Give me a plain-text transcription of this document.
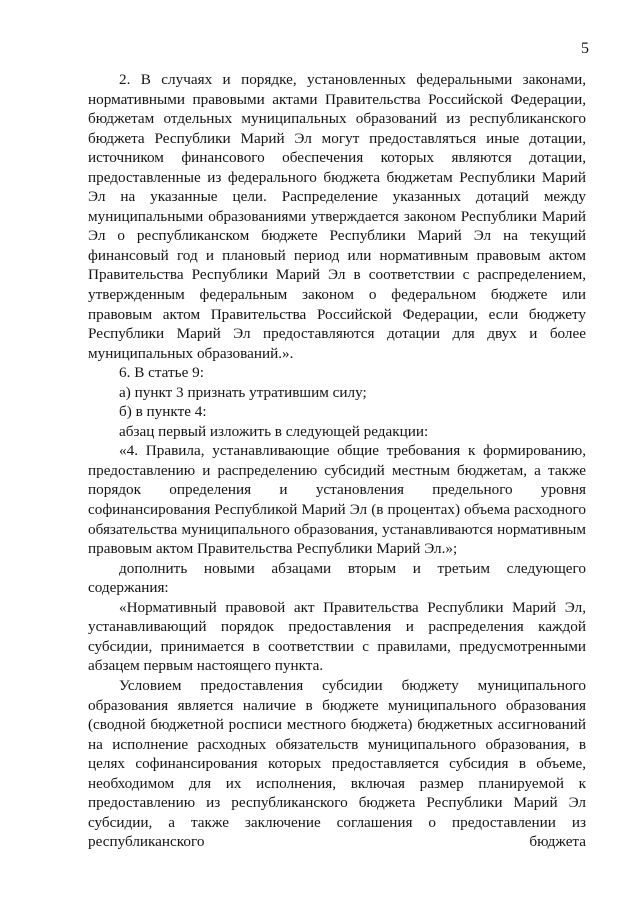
5

2. В случаях и порядке, установленных федеральными законами, нормативными правовыми актами Правительства Российской Федерации, бюджетам отдельных муниципальных образований из республиканского бюджета Республики Марий Эл могут предоставляться иные дотации, источником финансового обеспечения которых являются дотации, предоставленные из федерального бюджета бюджетам Республики Марий Эл на указанные цели. Распределение указанных дотаций между муниципальными образованиями утверждается законом Республики Марий Эл о республиканском бюджете Республики Марий Эл на текущий финансовый год и плановый период или нормативным правовым актом Правительства Республики Марий Эл в соответствии с распределением, утвержденным федеральным законом о федеральном бюджете или правовым актом Правительства Российской Федерации, если бюджету Республики Марий Эл предоставляются дотации для двух и более муниципальных образований.».

6. В статье 9:

а) пункт 3 признать утратившим силу;

б) в пункте 4:

абзац первый изложить в следующей редакции:

«4. Правила, устанавливающие общие требования к формированию, предоставлению и распределению субсидий местным бюджетам, а также порядок определения и установления предельного уровня софинансирования Республикой Марий Эл (в процентах) объема расходного обязательства муниципального образования, устанавливаются нормативным правовым актом Правительства Республики Марий Эл.»;

дополнить новыми абзацами вторым и третьим следующего содержания:

«Нормативный правовой акт Правительства Республики Марий Эл, устанавливающий порядок предоставления и распределения каждой субсидии, принимается в соответствии с правилами, предусмотренными абзацем первым настоящего пункта.

Условием предоставления субсидии бюджету муниципального образования является наличие в бюджете муниципального образования (сводной бюджетной росписи местного бюджета) бюджетных ассигнований на исполнение расходных обязательств муниципального образования, в целях софинансирования которых предоставляется субсидия в объеме, необходимом для их исполнения, включая размер планируемой к предоставлению из республиканского бюджета Республики Марий Эл субсидии, а также заключение соглашения о предоставлении из республиканского бюджета
